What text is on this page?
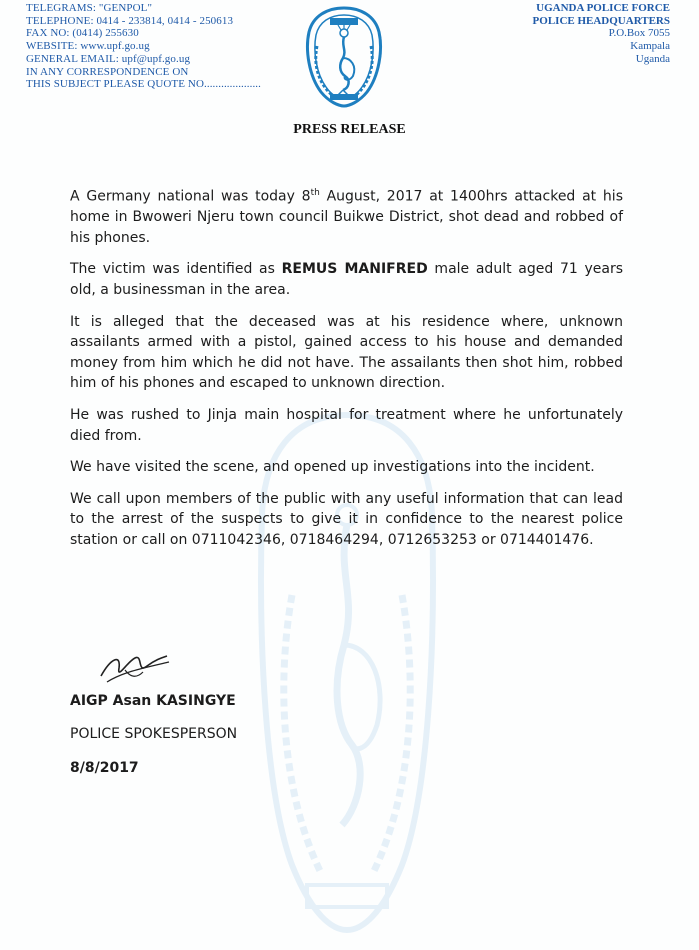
TELEGRAMS: "GENPOL"
TELEPHONE: 0414 - 233814, 0414 - 250613
FAX NO: (0414) 255630
WEBSITE: www.upf.go.ug
GENERAL EMAIL: upf@upf.go.ug
IN ANY CORRESPONDENCE ON
THIS SUBJECT PLEASE QUOTE NO....................
UGANDA POLICE FORCE
POLICE HEADQUARTERS
P.O.Box 7055
Kampala
Uganda
PRESS RELEASE

A Germany national was today 8th August, 2017 at 1400hrs attacked at his home in Bwoweri Njeru town council Buikwe District, shot dead and robbed of his phones.

The victim was identified as REMUS MANIFRED male adult aged 71 years old, a businessman in the area.

It is alleged that the deceased was at his residence where, unknown assailants armed with a pistol, gained access to his house and demanded money from him which he did not have. The assailants then shot him, robbed him of his phones and escaped to unknown direction.

He was rushed to Jinja main hospital for treatment where he unfortunately died from.

We have visited the scene, and opened up investigations into the incident.

We call upon members of the public with any useful information that can lead to the arrest of the suspects to give it in confidence to the nearest police station or call on 0711042346, 0718464294, 0712653253 or 0714401476.

AIGP Asan KASINGYE
POLICE SPOKESPERSON
8/8/2017
